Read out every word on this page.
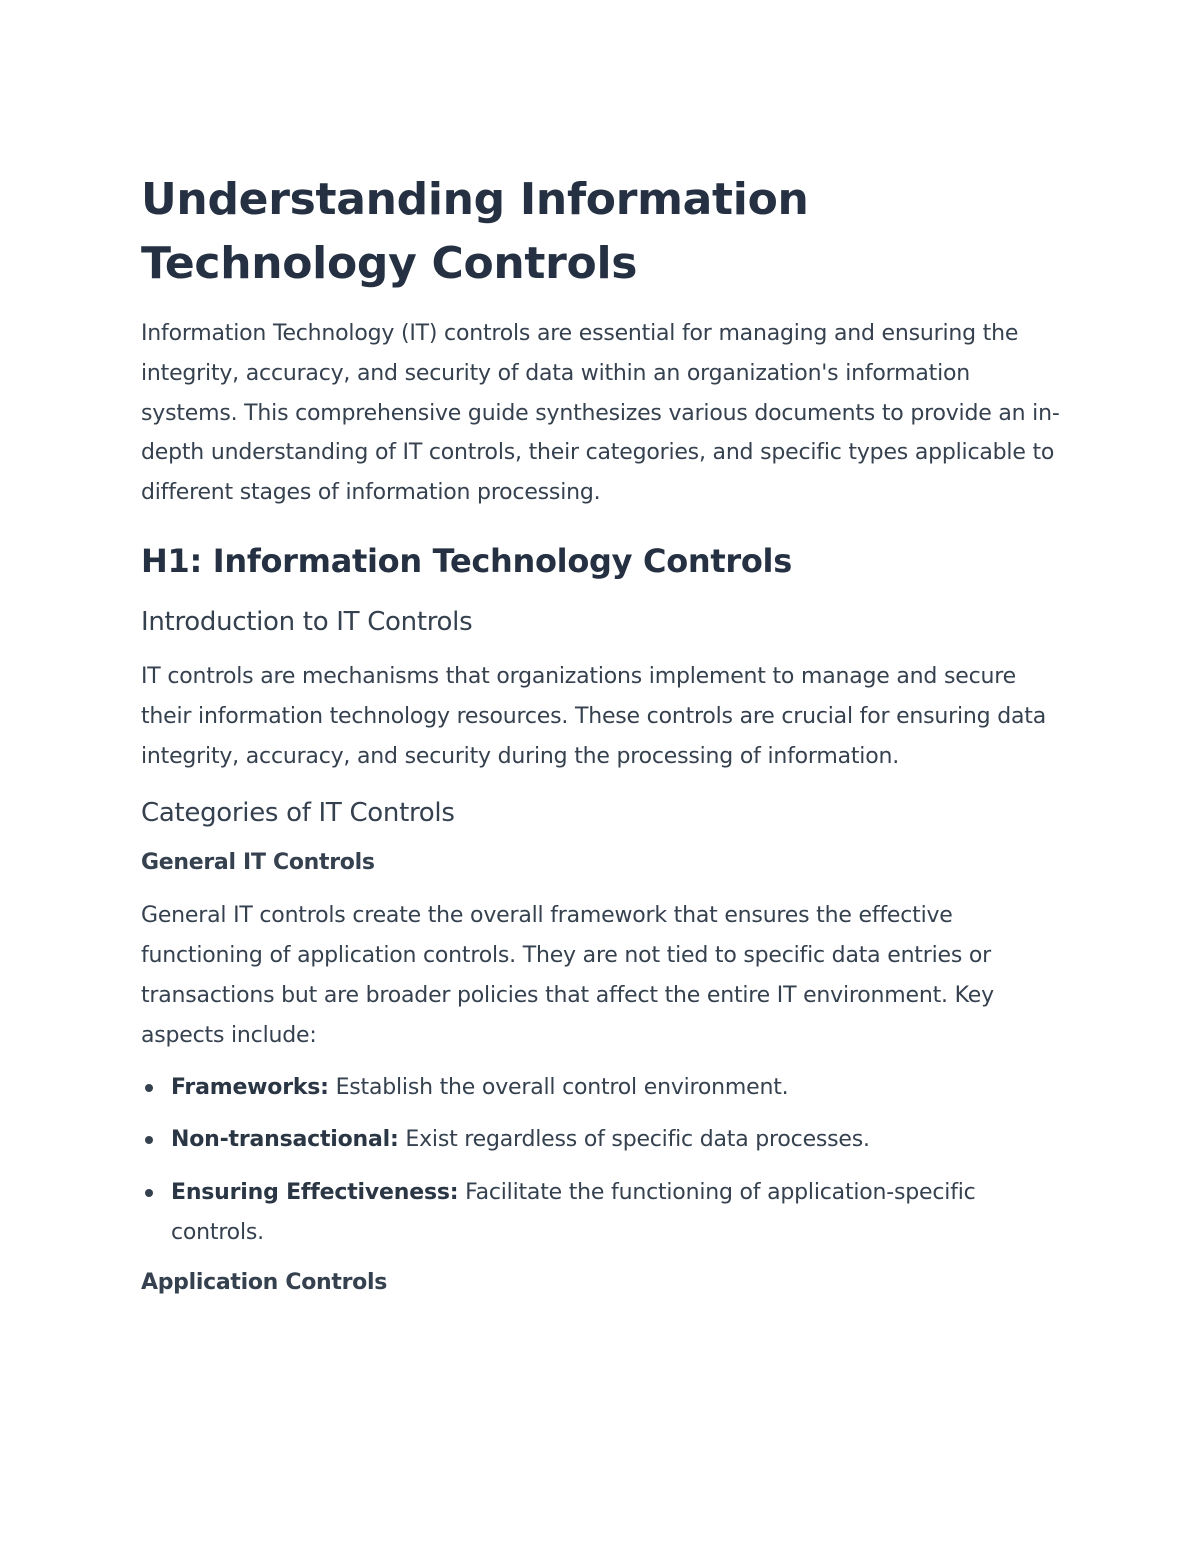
Understanding Information Technology Controls

Information Technology (IT) controls are essential for managing and ensuring the integrity, accuracy, and security of data within an organization's information systems. This comprehensive guide synthesizes various documents to provide an in-depth understanding of IT controls, their categories, and specific types applicable to different stages of information processing.

H1: Information Technology Controls
Introduction to IT Controls

IT controls are mechanisms that organizations implement to manage and secure their information technology resources. These controls are crucial for ensuring data integrity, accuracy, and security during the processing of information.

Categories of IT Controls
General IT Controls

General IT controls create the overall framework that ensures the effective functioning of application controls. They are not tied to specific data entries or transactions but are broader policies that affect the entire IT environment. Key aspects include:

Frameworks: Establish the overall control environment.
Non-transactional: Exist regardless of specific data processes.
Ensuring Effectiveness: Facilitate the functioning of application-specific controls.
Application Controls
